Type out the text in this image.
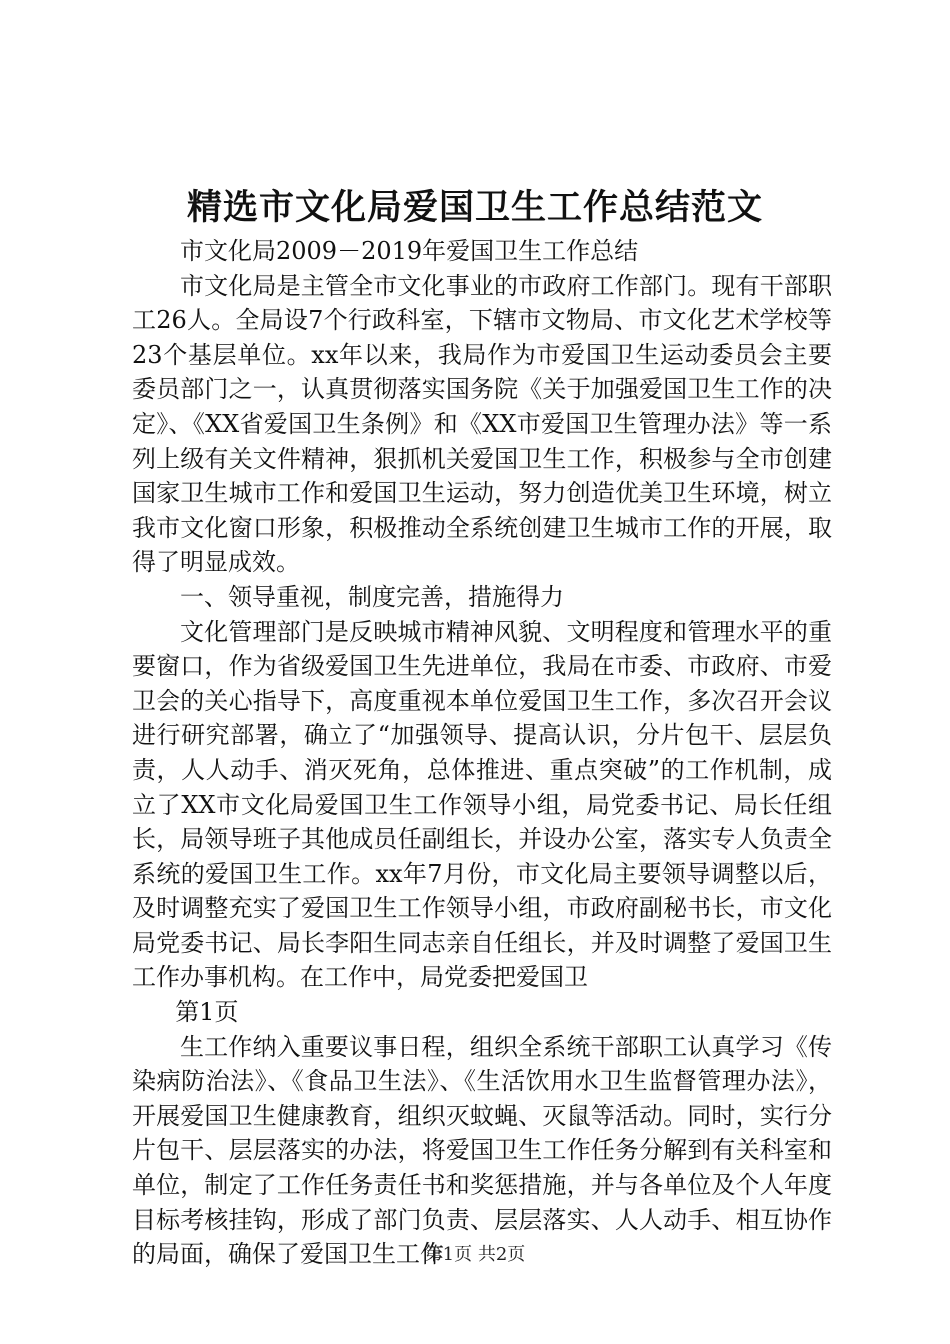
精选市文化局爱国卫生工作总结范文

市文化局2009－2019年爱国卫生工作总结

市文化局是主管全市文化事业的市政府工作部门。现有干部职工26人。全局设7个行政科室，下辖市文物局、市文化艺术学校等23个基层单位。xx年以来，我局作为市爱国卫生运动委员会主要委员部门之一，认真贯彻落实国务院《关于加强爱国卫生工作的决定》、《XX省爱国卫生条例》和《XX市爱国卫生管理办法》等一系列上级有关文件精神，狠抓机关爱国卫生工作，积极参与全市创建国家卫生城市工作和爱国卫生运动，努力创造优美卫生环境，树立我市文化窗口形象，积极推动全系统创建卫生城市工作的开展，取得了明显成效。

一、领导重视，制度完善，措施得力

文化管理部门是反映城市精神风貌、文明程度和管理水平的重要窗口，作为省级爱国卫生先进单位，我局在市委、市政府、市爱卫会的关心指导下，高度重视本单位爱国卫生工作，多次召开会议进行研究部署，确立了“加强领导、提高认识，分片包干、层层负责，人人动手、消灭死角，总体推进、重点突破”的工作机制，成立了XX市文化局爱国卫生工作领导小组，局党委书记、局长任组长，局领导班子其他成员任副组长，并设办公室，落实专人负责全系统的爱国卫生工作。xx年7月份，市文化局主要领导调整以后，及时调整充实了爱国卫生工作领导小组，市政府副秘书长，市文化局党委书记、局长李阳生同志亲自任组长，并及时调整了爱国卫生工作办事机构。在工作中，局党委把爱国卫

第1页

生工作纳入重要议事日程，组织全系统干部职工认真学习《传染病防治法》、《食品卫生法》、《生活饮用水卫生监督管理办法》，开展爱国卫生健康教育，组织灭蚊蝇、灭鼠等活动。同时，实行分片包干、层层落实的办法，将爱国卫生工作任务分解到有关科室和单位，制定了工作任务责任书和奖惩措施，并与各单位及个人年度目标考核挂钩，形成了部门负责、层层落实、人人动手、相互协作的局面，确保了爱国卫生工作

第1页 共2页
